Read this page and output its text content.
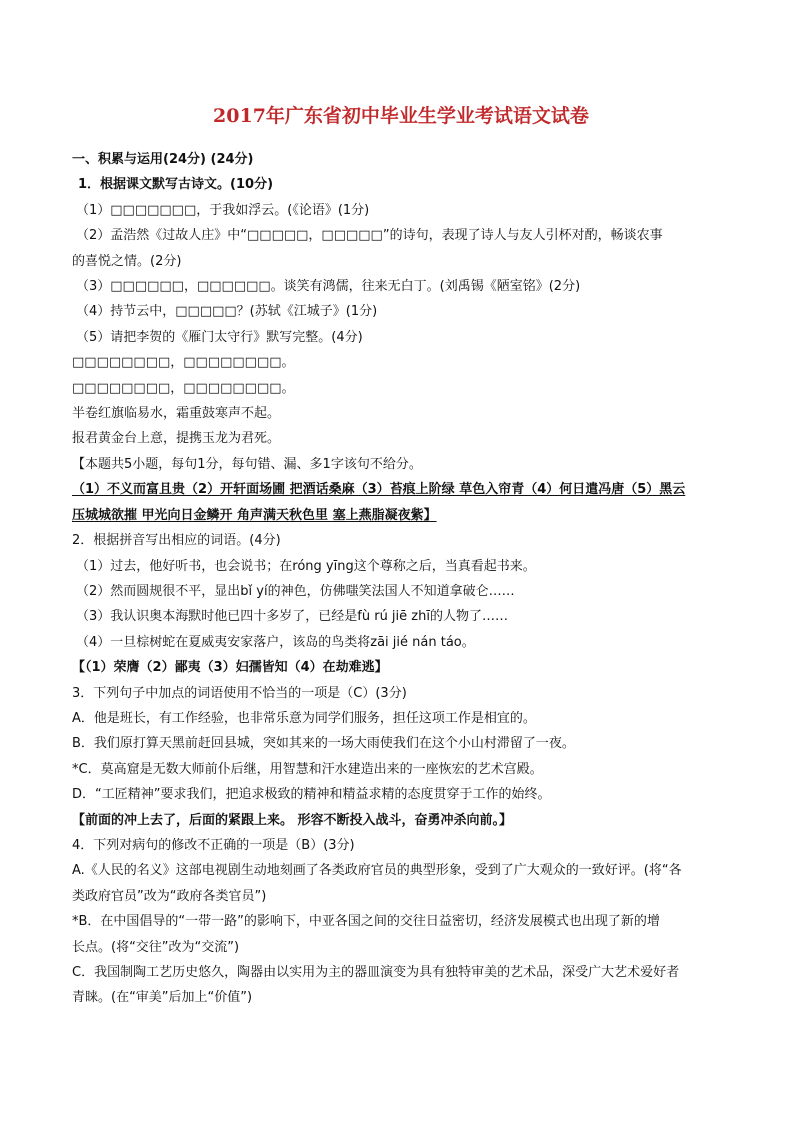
2017年广东省初中毕业生学业考试语文试卷
一、积累与运用(24分) (24分)
1．根据课文默写古诗文。(10分)
（1）□□□□□□□，于我如浮云。(《论语》(1分)
（2）孟浩然《过故人庄》中“□□□□□，□□□□□”的诗句，表现了诗人与友人引杯对酌，畅谈农事
的喜悦之情。(2分)
（3）□□□□□□，□□□□□□。谈笑有鸿儒，往来无白丁。(刘禹锡《陋室铭》(2分)
（4）持节云中，□□□□□？(苏轼《江城子》(1分)
（5）请把李贺的《雁门太守行》默写完整。(4分)
□□□□□□□□，□□□□□□□□。
□□□□□□□□，□□□□□□□□。
半卷红旗临易水，霜重鼓寒声不起。
报君黄金台上意，提携玉龙为君死。
【本题共5小题，每句1分，每句错、漏、多1字该句不给分。
（1）不义而富且贵（2）开轩面场圃 把酒话桑麻（3）苔痕上阶绿 草色入帘青（4）何日遣冯唐（5）黑云
压城城欲摧 甲光向日金鳞开 角声满天秋色里 塞上燕脂凝夜紫】
2．根据拼音写出相应的词语。(4分)
（1）过去，他好听书，也会说书；在róng yīng这个尊称之后，当真看起书来。
（2）然而圆规很不平，显出bǐ yí的神色，仿佛嗤笑法国人不知道拿破仑……
（3）我认识奥本海默时他已四十多岁了，已经是fù rú jiē zhī的人物了……
（4）一旦棕树蛇在夏威夷安家落户，该岛的鸟类将zāi jié nán táo。
【（1）荣膺（2）鄙夷（3）妇孺皆知（4）在劫难逃】
3．下列句子中加点的词语使用不恰当的一项是（C）(3分)
A．他是班长，有工作经验，也非常乐意为同学们服务，担任这项工作是相宜的。
B．我们原打算天黑前赶回县城，突如其来的一场大雨使我们在这个小山村滞留了一夜。
*C．莫高窟是无数大师前仆后继，用智慧和汗水建造出来的一座恢宏的艺术宫殿。
D．“工匠精神”要求我们，把追求极致的精神和精益求精的态度贯穿于工作的始终。
【前面的冲上去了，后面的紧跟上来。 形容不断投入战斗，奋勇冲杀向前。】
4．下列对病句的修改不正确的一项是（B）(3分)
A.《人民的名义》这部电视剧生动地刻画了各类政府官员的典型形象，受到了广大观众的一致好评。(将“各
类政府官员”改为“政府各类官员”)
*B．在中国倡导的“一带一路”的影响下，中亚各国之间的交往日益密切，经济发展模式也出现了新的增
长点。(将“交往”改为“交流”)
C．我国制陶工艺历史悠久，陶器由以实用为主的器皿演变为具有独特审美的艺术品，深受广大艺术爱好者
青睐。(在“审美”后加上“价值”)
